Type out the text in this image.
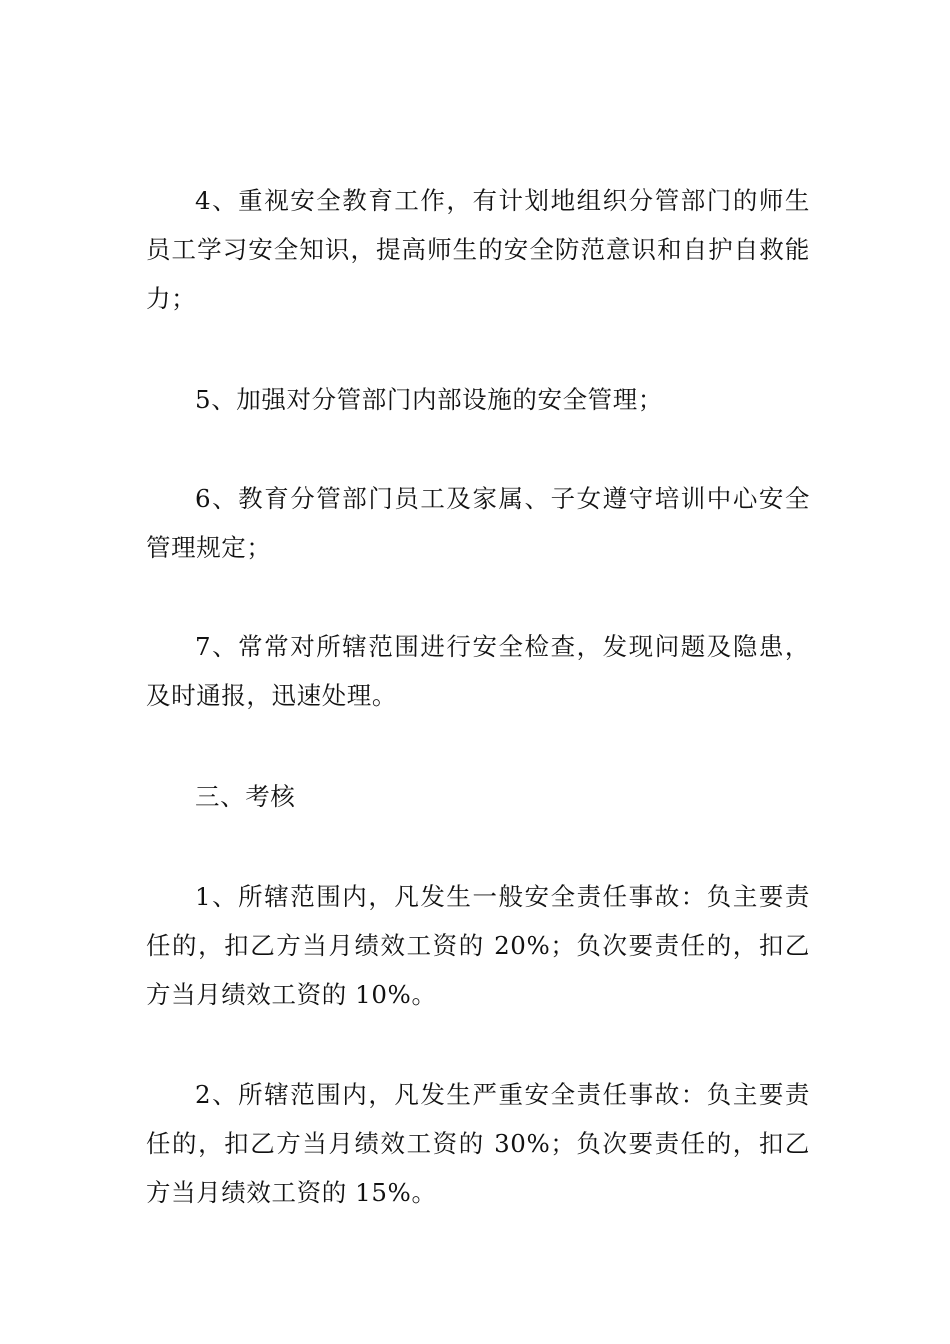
4、重视安全教育工作，有计划地组织分管部门的师生员工学习安全知识，提高师生的安全防范意识和自护自救能力；

5、加强对分管部门内部设施的安全管理；

6、教育分管部门员工及家属、子女遵守培训中心安全管理规定；

7、常常对所辖范围进行安全检查，发现问题及隐患，及时通报，迅速处理。

三、考核

1、所辖范围内，凡发生一般安全责任事故：负主要责任的，扣乙方当月绩效工资的 20%；负次要责任的，扣乙方当月绩效工资的 10%。

2、所辖范围内，凡发生严重安全责任事故：负主要责任的，扣乙方当月绩效工资的 30%；负次要责任的，扣乙方当月绩效工资的 15%。
